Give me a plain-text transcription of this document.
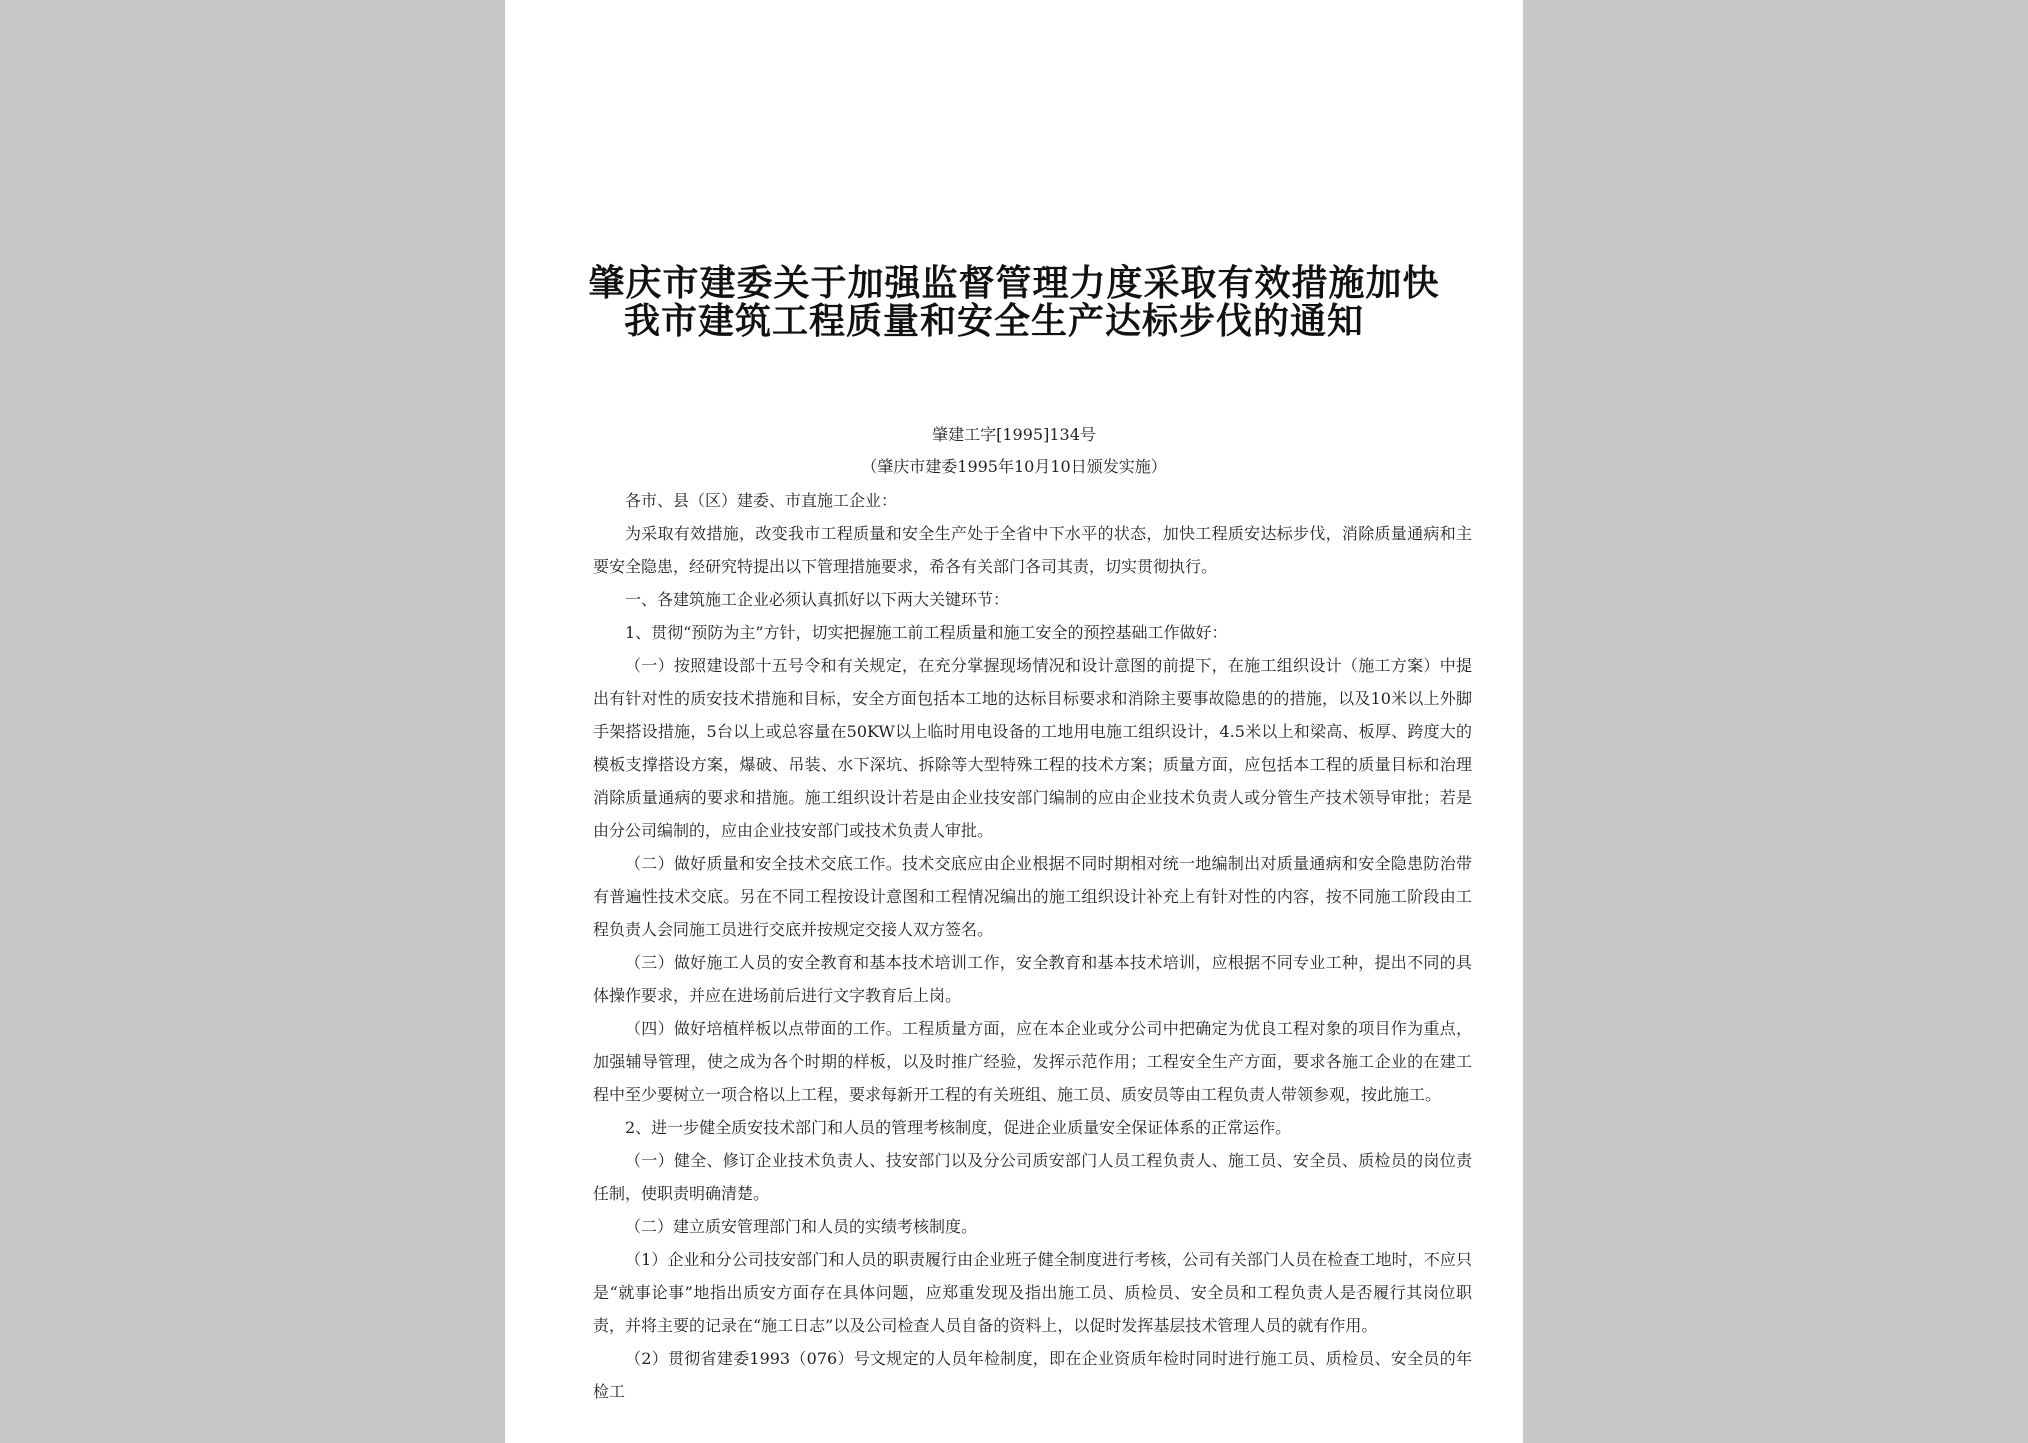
肇庆市建委关于加强监督管理力度采取有效措施加快
我市建筑工程质量和安全生产达标步伐的通知
肇建工字[1995]134号
（肇庆市建委1995年10月10日颁发实施）

各市、县（区）建委、市直施工企业：

为采取有效措施，改变我市工程质量和安全生产处于全省中下水平的状态，加快工程质安达标步伐，消除质量通病和主要安全隐患，经研究特提出以下管理措施要求，希各有关部门各司其责，切实贯彻执行。

一、各建筑施工企业必须认真抓好以下两大关键环节：

1、贯彻“预防为主”方针，切实把握施工前工程质量和施工安全的预控基础工作做好：

（一）按照建设部十五号令和有关规定，在充分掌握现场情况和设计意图的前提下，在施工组织设计（施工方案）中提出有针对性的质安技术措施和目标，安全方面包括本工地的达标目标要求和消除主要事故隐患的的措施，以及10米以上外脚手架搭设措施，5台以上或总容量在50KW以上临时用电设备的工地用电施工组织设计，4.5米以上和梁高、板厚、跨度大的模板支撑搭设方案，爆破、吊装、水下深坑、拆除等大型特殊工程的技术方案；质量方面，应包括本工程的质量目标和治理消除质量通病的要求和措施。施工组织设计若是由企业技安部门编制的应由企业技术负责人或分管生产技术领导审批；若是由分公司编制的，应由企业技安部门或技术负责人审批。

（二）做好质量和安全技术交底工作。技术交底应由企业根据不同时期相对统一地编制出对质量通病和安全隐患防治带有普遍性技术交底。另在不同工程按设计意图和工程情况编出的施工组织设计补充上有针对性的内容，按不同施工阶段由工程负责人会同施工员进行交底并按规定交接人双方签名。

（三）做好施工人员的安全教育和基本技术培训工作，安全教育和基本技术培训，应根据不同专业工种，提出不同的具体操作要求，并应在进场前后进行文字教育后上岗。

（四）做好培植样板以点带面的工作。工程质量方面，应在本企业或分公司中把确定为优良工程对象的项目作为重点，加强辅导管理，使之成为各个时期的样板，以及时推广经验，发挥示范作用；工程安全生产方面，要求各施工企业的在建工程中至少要树立一项合格以上工程，要求每新开工程的有关班组、施工员、质安员等由工程负责人带领参观，按此施工。

2、进一步健全质安技术部门和人员的管理考核制度，促进企业质量安全保证体系的正常运作。

（一）健全、修订企业技术负责人、技安部门以及分公司质安部门人员工程负责人、施工员、安全员、质检员的岗位责任制，使职责明确清楚。

（二）建立质安管理部门和人员的实绩考核制度。

（1）企业和分公司技安部门和人员的职责履行由企业班子健全制度进行考核，公司有关部门人员在检查工地时，不应只是“就事论事”地指出质安方面存在具体问题，应郑重发现及指出施工员、质检员、安全员和工程负责人是否履行其岗位职责，并将主要的记录在“施工日志”以及公司检查人员自备的资料上，以促时发挥基层技术管理人员的就有作用。

（2）贯彻省建委1993（076）号文规定的人员年检制度，即在企业资质年检时同时进行施工员、质检员、安全员的年检工
